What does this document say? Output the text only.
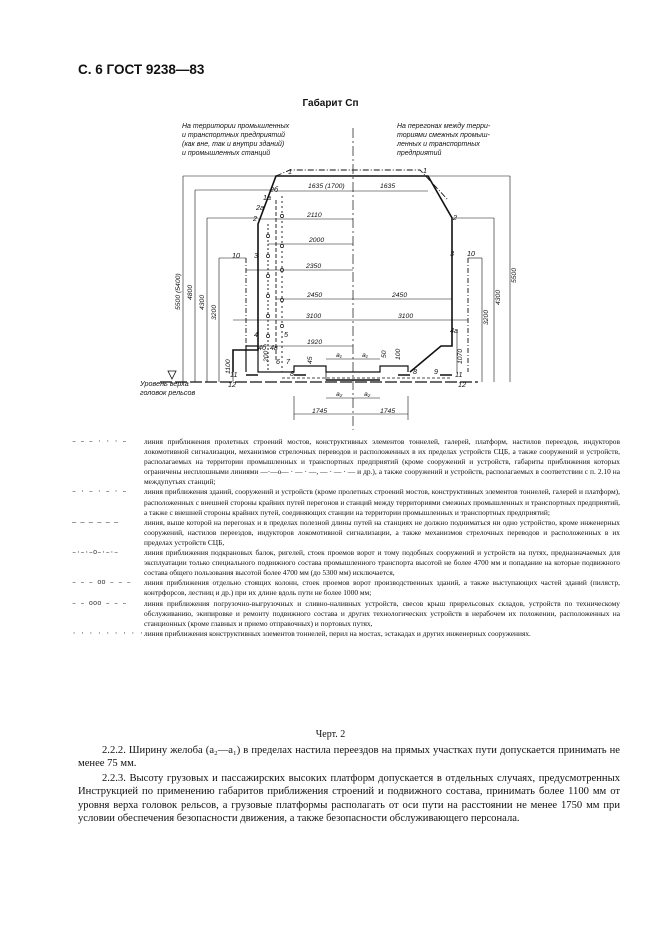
С. 6 ГОСТ 9238—83
Габарит Сп
На территории промышленных и транспортных предприятий (как вне, так и внутри зданий) и промышленных станций
На перегонах между терри- ториями смежных промыш- ленных и транспортных предприятий
1	1
1а
2б
2а
2	2
3	3
10	10
4	4а
5
4б 4в
6 7
8	8 9
11	11
12	12
1635 (1700)	1635
2110
2000
2350
2450	2450
3100	3100
1920
1745	1745
a₁	a₁
a₂	a₂
200	45
50 100
5500 (5400) 4800
4300
3200
1100
5500
4300
3200
1070
Уровень верха головок рельсов
– – – · · · –	линия приближения пролетных строений мостов, конструктивных элементов тоннелей, галерей, платформ, настилов переездов, индукторов локомотивной сигнализации, механизмов стрелочных переводов и расположенных в их пределах устройств СЦБ, а также сооружений и устройств, располагаемых на территории промышленных и транспортных предприятий (кроме сооружений и устройств, габариты приближения которых ограничены несплошными линиями —·—о— · — · —, — · — · — и др.), а также сооружений и устройств, располагаемых в соответствии с п. 2.10 на междупутьях станций;
– · – · – · –	линия приближения зданий, сооружений и устройств (кроме пролетных строений мостов, конструктивных элементов тоннелей, галерей и платформ), расположенных с внешней стороны крайних путей перегонов и станций между территориями смежных промышленных и транспортных предприятий, а также с внешней стороны крайних путей, соединяющих станции на территории промышленных и транспортных предприятий;
— — — — — —	линия, выше которой на перегонах и в пределах полезной длины путей на станциях не должно подниматься ни одно устройство, кроме инженерных сооружений, настилов переездов, индукторов локомотивной сигнализации, а также механизмов стрелочных переводов и расположенных в их пределах устройств СЦБ,
–·–·–о–·–·–	линия приближения подкрановых балок, ригелей, стоек проемов ворот и тому подобных сооружений и устройств на путях, предназначаемых для эксплуатации только специального подвижного состава промышленного транспорта высотой не более 4700 мм и попадание на которые подвижного состава общего пользования высотой более 4700 мм (до 5300 мм) исключается,
– – – оо – – –	линия приближения отдельно стоящих колонн, стоек проемов ворот производственных зданий, а также выступающих частей зданий (пилястр, контрфорсов, лестниц и др.) при их длине вдоль пути не более 1000 мм;
– – ооо – – –	линия приближения погрузочно-выгрузочных и сливно-наливных устройств, свесов крыш прирельсовых складов, устройств по техническому обслуживанию, экипировке и ремонту подвижного состава и других технологических устройств в нерабочем их положении, расположенных на станционных (кроме главных и приемо отправочных) и портовых путях,
· · · · · · · · · линия приближения конструктивных элементов тоннелей, перил на мостах, эстакадах и других инженерных сооружениях.
Черт. 2
2.2.2. Ширину желоба (a₂—a₁) в пределах настила переездов на прямых участках пути допускается принимать не менее 75 мм.
2.2.3. Высоту грузовых и пассажирских высоких платформ допускается в отдельных случаях, предусмотренных Инструкцией по применению габаритов приближения строений и подвижного состава, принимать более 1100 мм от уровня верха головок рельсов, а грузовые платформы располагать от оси пути на расстоянии не менее 1750 мм при условии обеспечения безопасности движения, а также безопасности обслуживающего персонала.
